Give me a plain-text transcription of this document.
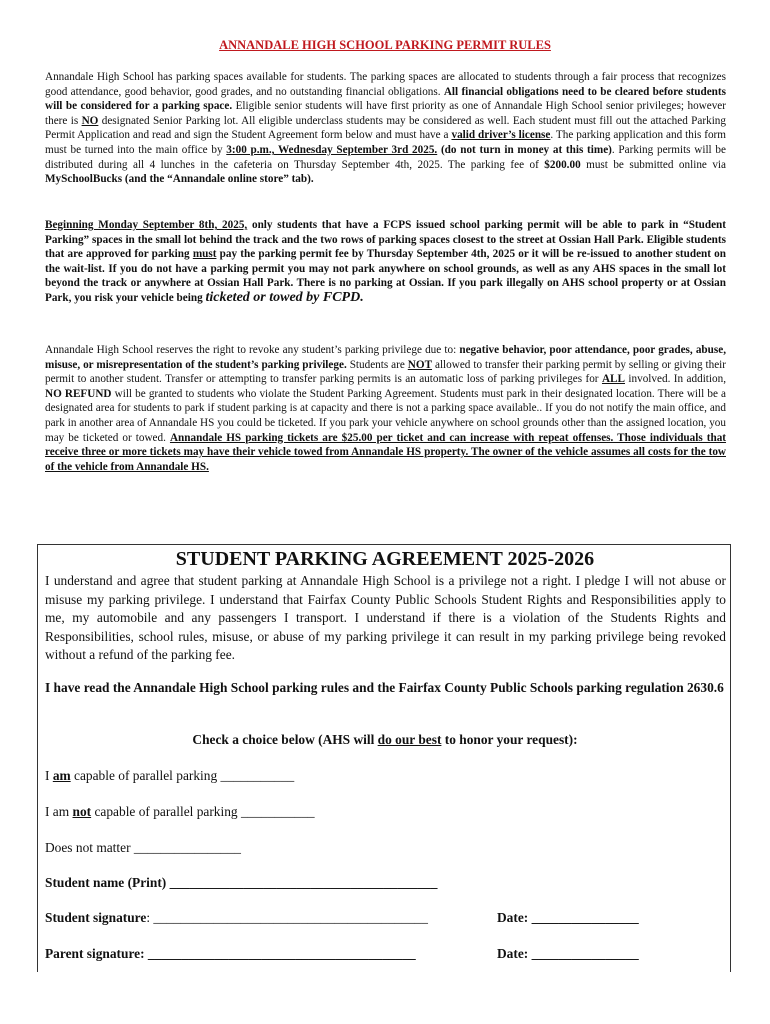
ANNANDALE HIGH SCHOOL PARKING PERMIT RULES
Annandale High School has parking spaces available for students. The parking spaces are allocated to students through a fair process that recognizes good attendance, good behavior, good grades, and no outstanding financial obligations. All financial obligations need to be cleared before students will be considered for a parking space. Eligible senior students will have first priority as one of Annandale High School senior privileges; however there is NO designated Senior Parking lot. All eligible underclass students may be considered as well. Each student must fill out the attached Parking Permit Application and read and sign the Student Agreement form below and must have a valid driver’s license. The parking application and this form must be turned into the main office by 3:00 p.m., Wednesday September 3rd 2025. (do not turn in money at this time). Parking permits will be distributed during all 4 lunches in the cafeteria on Thursday September 4th, 2025. The parking fee of $200.00 must be submitted online via MySchoolBucks (and the “Annandale online store” tab).
Beginning Monday September 8th, 2025, only students that have a FCPS issued school parking permit will be able to park in “Student Parking” spaces in the small lot behind the track and the two rows of parking spaces closest to the street at Ossian Hall Park. Eligible students that are approved for parking must pay the parking permit fee by Thursday September 4th, 2025 or it will be re-issued to another student on the wait-list. If you do not have a parking permit you may not park anywhere on school grounds, as well as any AHS spaces in the small lot beyond the track or anywhere at Ossian Hall Park. There is no parking at Ossian. If you park illegally on AHS school property or at Ossian Park, you risk your vehicle being ticketed or towed by FCPD.
Annandale High School reserves the right to revoke any student’s parking privilege due to: negative behavior, poor attendance, poor grades, abuse, misuse, or misrepresentation of the student’s parking privilege. Students are NOT allowed to transfer their parking permit by selling or giving their permit to another student. Transfer or attempting to transfer parking permits is an automatic loss of parking privileges for ALL involved. In addition, NO REFUND will be granted to students who violate the Student Parking Agreement. Students must park in their designated location. There will be a designated area for students to park if student parking is at capacity and there is not a parking space available.. If you do not notify the main office, and park in another area of Annandale HS you could be ticketed. If you park your vehicle anywhere on school grounds other than the assigned location, you may be ticketed or towed. Annandale HS parking tickets are $25.00 per ticket and can increase with repeat offenses. Those individuals that receive three or more tickets may have their vehicle towed from Annandale HS property. The owner of the vehicle assumes all costs for the tow of the vehicle from Annandale HS.
STUDENT PARKING AGREEMENT 2025-2026
I understand and agree that student parking at Annandale High School is a privilege not a right. I pledge I will not abuse or misuse my parking privilege. I understand that Fairfax County Public Schools Student Rights and Responsibilities apply to me, my automobile and any passengers I transport. I understand if there is a violation of the Students Rights and Responsibilities, school rules, misuse, or abuse of my parking privilege it can result in my parking privilege being revoked without a refund of the parking fee.
I have read the Annandale High School parking rules and the Fairfax County Public Schools parking regulation 2630.6
Check a choice below (AHS will do our best to honor your request):
I am capable of parallel parking ___________
I am not capable of parallel parking ___________
Does not matter ________________
Student name (Print) ________________________________________
Student signature: _________________________________________	Date: ________________
Parent signature: ________________________________________	Date: ________________
